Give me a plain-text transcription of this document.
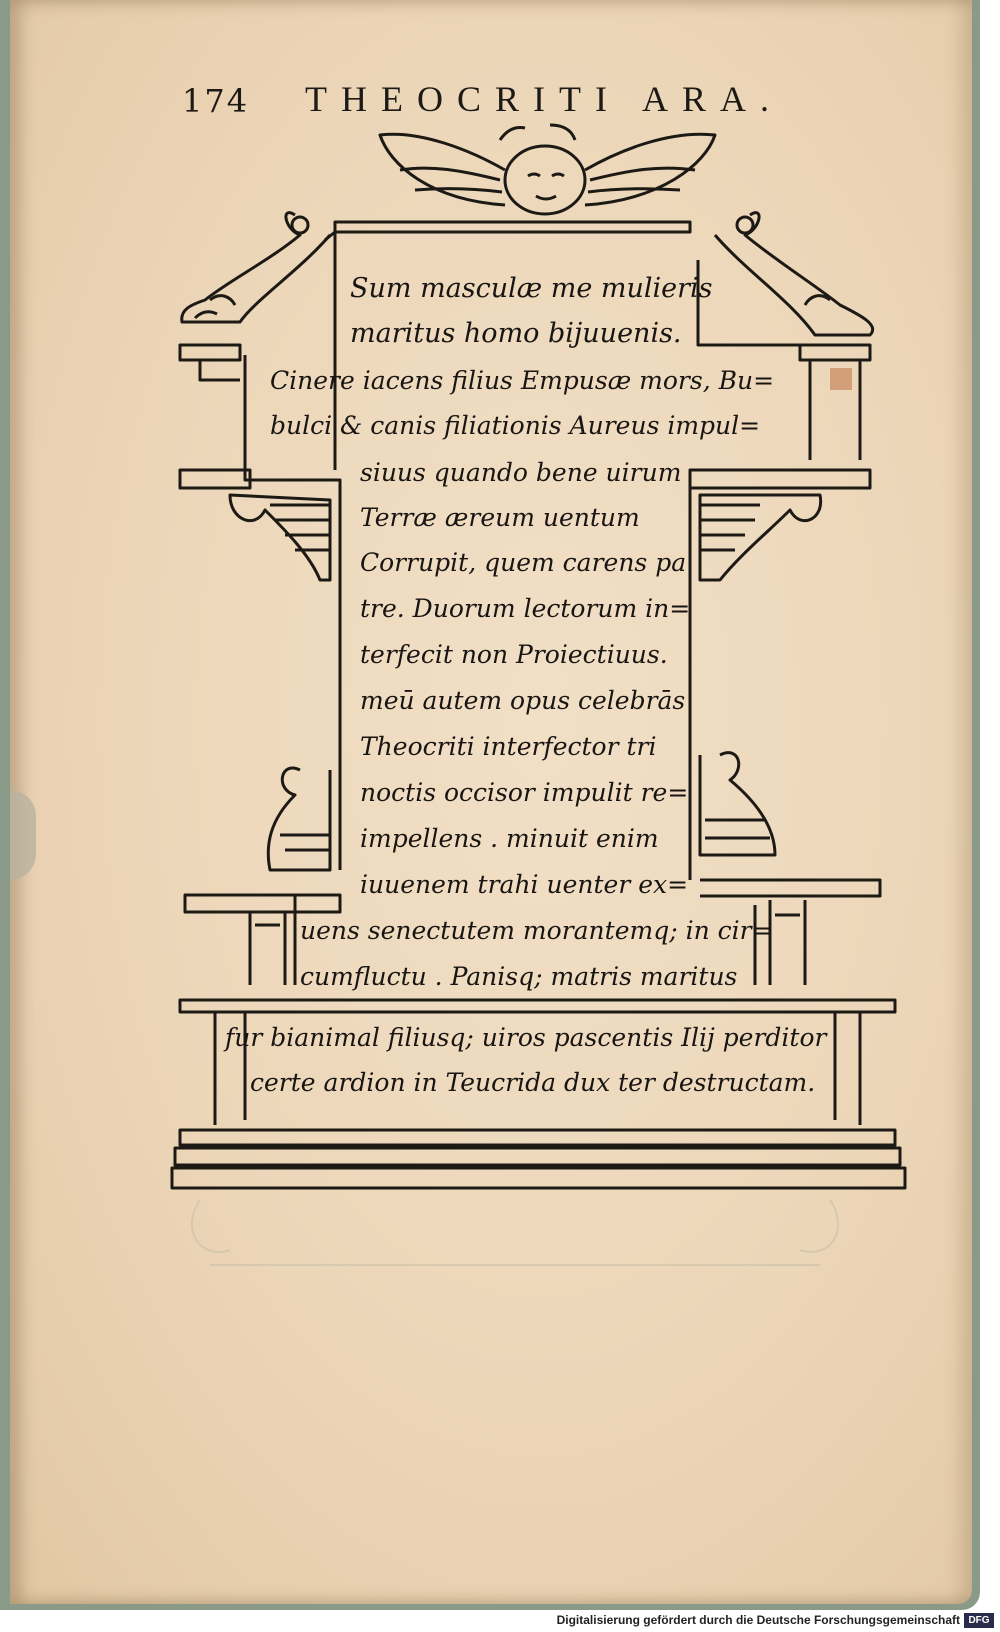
174 THEOCRITI ARA.
Sum masculæ me mulieris
maritus homo bijuuenis.
Cinere iacens filius Empusæ mors, Bu=
bulci & canis filiationis Aureus impul=
siuus quando bene uirum
Terræ æreum uentum
Corrupit, quem carens pa
tre. Duorum lectorum in=
terfecit non Proiectiuus.
meū autem opus celebrās
Theocriti interfector tri
noctis occisor impulit re=
impellens . minuit enim
iuuenem trahi uenter ex=
uens senectutem morantemq; in cir=
cumfluctu . Panisq; matris maritus
fur bianimal filiusq; uiros pascentis Ilij perditor
certe ardion in Teucrida dux ter destructam.
Digitalisierung gefördert durch die Deutsche Forschungsgemeinschaft DFG
